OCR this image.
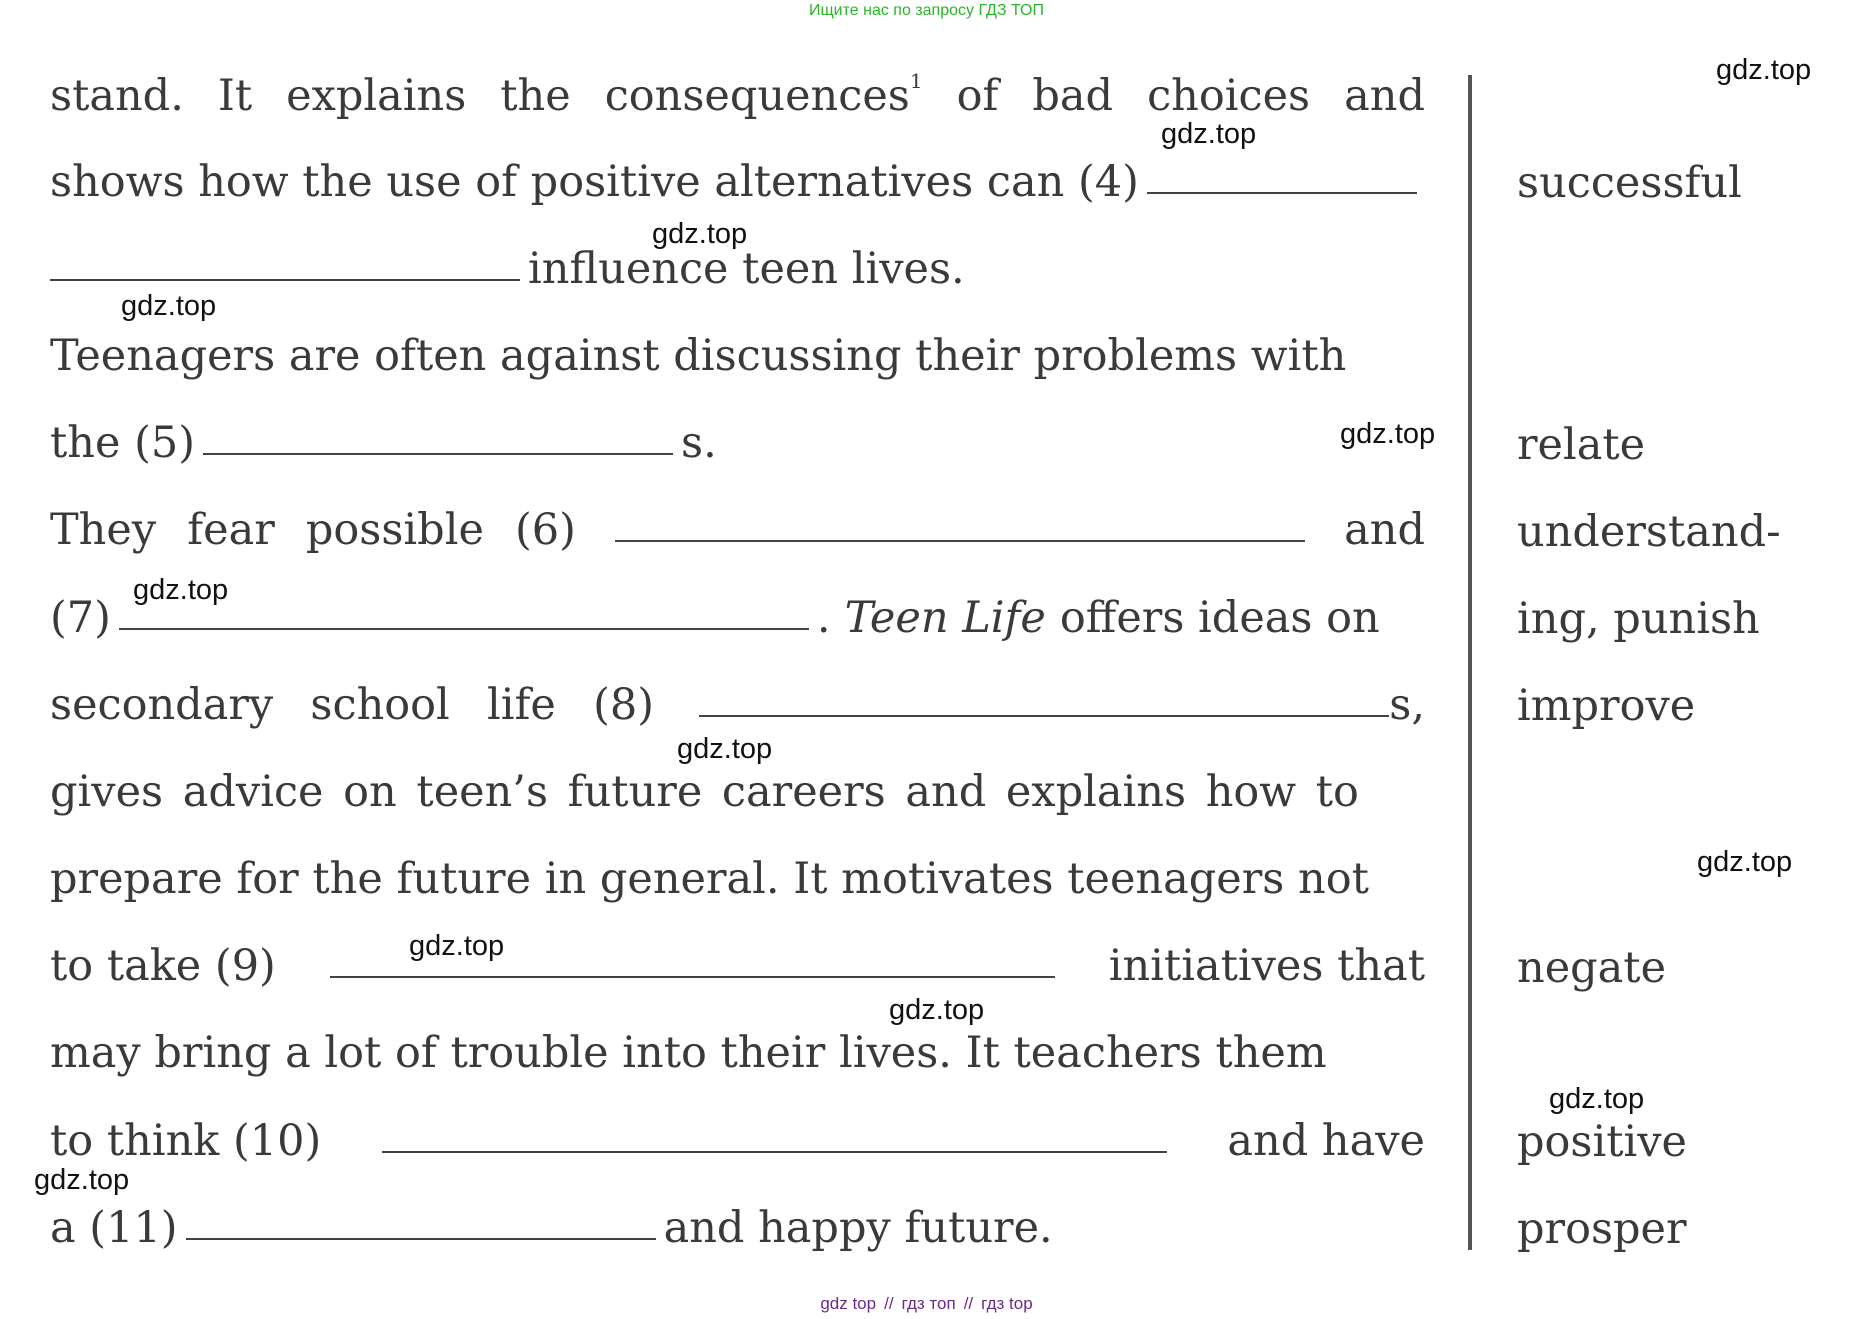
Ищите нас по запросу ГДЗ ТОП
stand. It explains the consequences$^1$ of bad choices and
shows how the use of positive alternatives can (4)
influence teen lives.
Teenagers are often against discussing their problems with
the (5)	s.
They fear possible (6)	and
(7)	. Teen Life offers ideas on
secondary school life (8)	s,
gives advice on teen’s future careers and explains how to
prepare for the future in general. It motivates teenagers not
to take (9)	initiatives that
may bring a lot of trouble into their lives. It teachers them
to think (10)	and have
a (11)	and happy future.
successful
relate
understand-
ing, punish
improve
negate
positive
prosper
gdz.top
gdz.top
gdz.top
gdz.top
gdz.top
gdz.top
gdz.top
gdz.top
gdz.top
gdz.top
gdz.top
gdz.top
gdz top // гдз топ // гдз top
